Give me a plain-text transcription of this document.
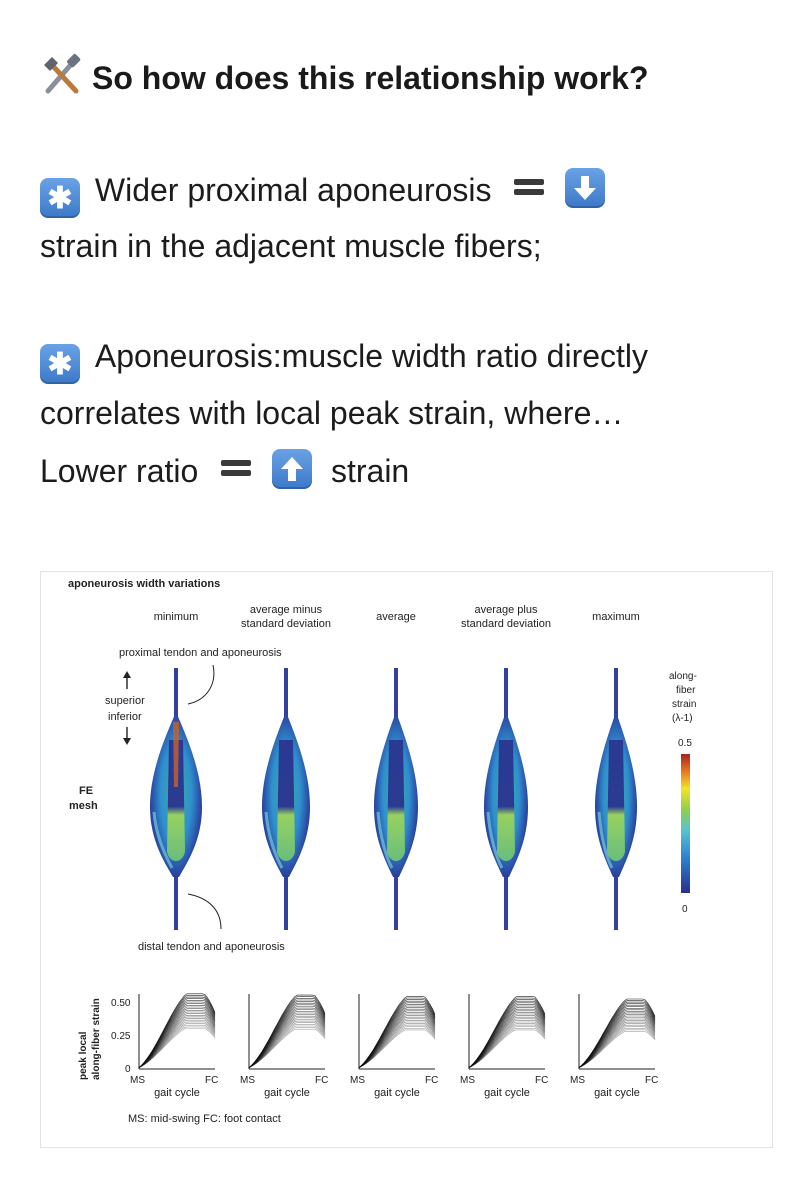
So how does this relationship work?
✱ Wider proximal aponeurosis

strain in the adjacent muscle fibers;
✱ Aponeurosis:muscle width ratio directly
correlates with local peak strain, where…
Lower ratio
	strain
aponeurosis width variations
minimum
average minus
standard deviation
average
average plus
standard deviation
maximum
proximal tendon and aponeurosis
superior
inferior
FE
mesh
distal tendon and aponeurosis
along-
fiber
strain
(λ-1)
0.5
0
peak local along-fiber strain 0.50
0.25
0
MS	FC
gait cycle
MS	FC
gait cycle
MS	FC
gait cycle
MS	FC
gait cycle
MS	FC
gait cycle
MS: mid-swing FC: foot contact
